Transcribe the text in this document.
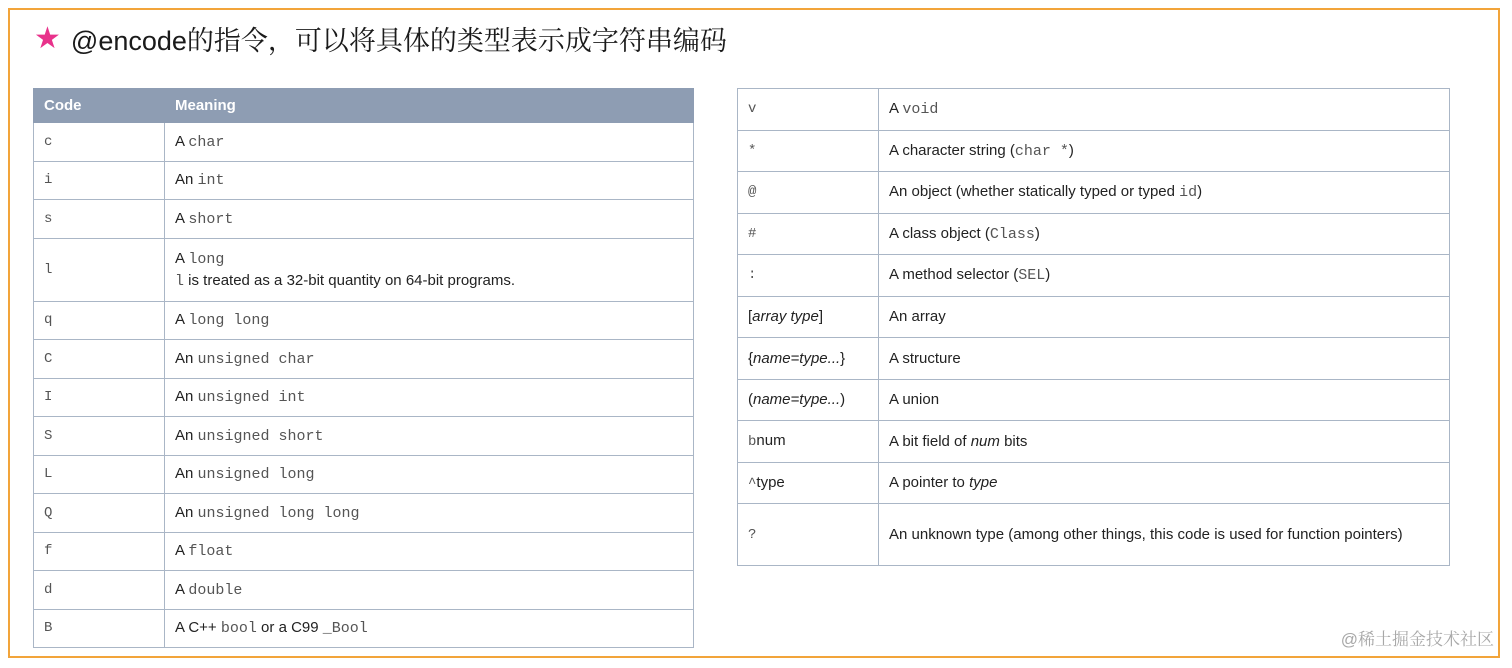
★ @encode的指令，可以将具体的类型表示成字符串编码
Code	Meaning
c	A char
i	An int
s	A short
l	A long
l is treated as a 32-bit quantity on 64-bit programs.

q	A long long
C	An unsigned char
I	An unsigned int
S	An unsigned short
L	An unsigned long
Q	An unsigned long long
f	A float
d	A double
B	A C++ bool or a C99 _Bool
v	A void
*	A character string (char *)
@	An object (whether statically typed or typed id)
#	A class object (Class)
:	A method selector (SEL)
[array type]	An array
{name=type...}	A structure
(name=type...)	A union
bnum	A bit field of num bits
^type	A pointer to type
?	An unknown type (among other things, this code is used for function pointers)
@稀土掘金技术社区
